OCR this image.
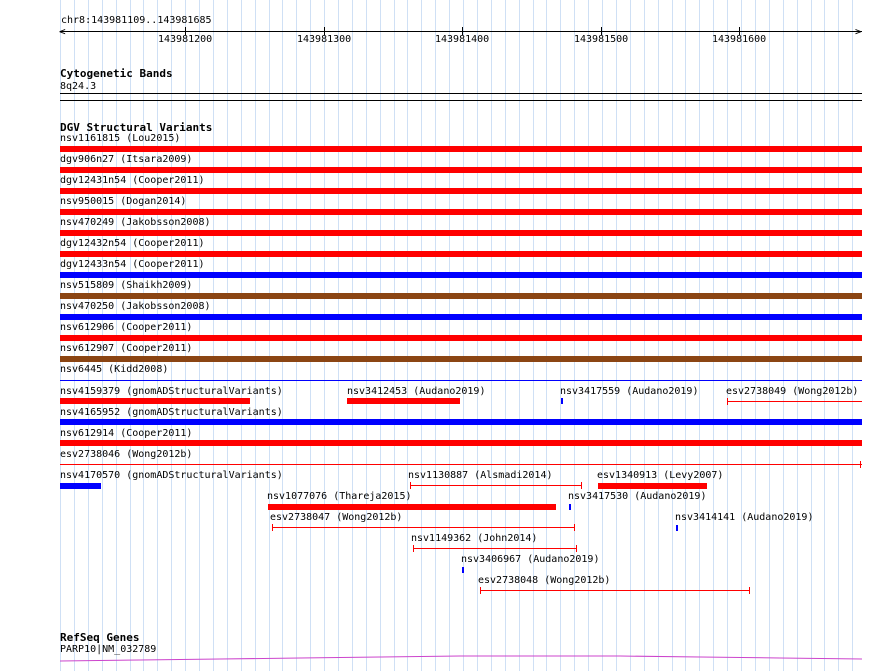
chr8:143981109..143981685
<	>
143981200	143981300	143981400	143981500	143981600
Cytogenetic Bands
8q24.3
DGV Structural Variants
nsv1161815 (Lou2015)
dgv906n27 (Itsara2009)
dgv12431n54 (Cooper2011)
nsv950015 (Dogan2014)
nsv470249 (Jakobsson2008)
dgv12432n54 (Cooper2011)
dgv12433n54 (Cooper2011)
nsv515809 (Shaikh2009)
nsv470250 (Jakobsson2008)
nsv612906 (Cooper2011)
nsv612907 (Cooper2011)
nsv6445 (Kidd2008)
nsv4159379 (gnomADStructuralVariants)	nsv3412453 (Audano2019)	nsv3417559 (Audano2019)	esv2738049 (Wong2012b)
nsv4165952 (gnomADStructuralVariants)
nsv612914 (Cooper2011)
esv2738046 (Wong2012b)
nsv4170570 (gnomADStructuralVariants)	nsv1130887 (Alsmadi2014)	esv1340913 (Levy2007)
nsv1077076 (Thareja2015)	nsv3417530 (Audano2019)
esv2738047 (Wong2012b)	nsv3414141 (Audano2019)
nsv1149362 (John2014)
nsv3406967 (Audano2019)
esv2738048 (Wong2012b)
RefSeq Genes
PARP10|NM_032789
